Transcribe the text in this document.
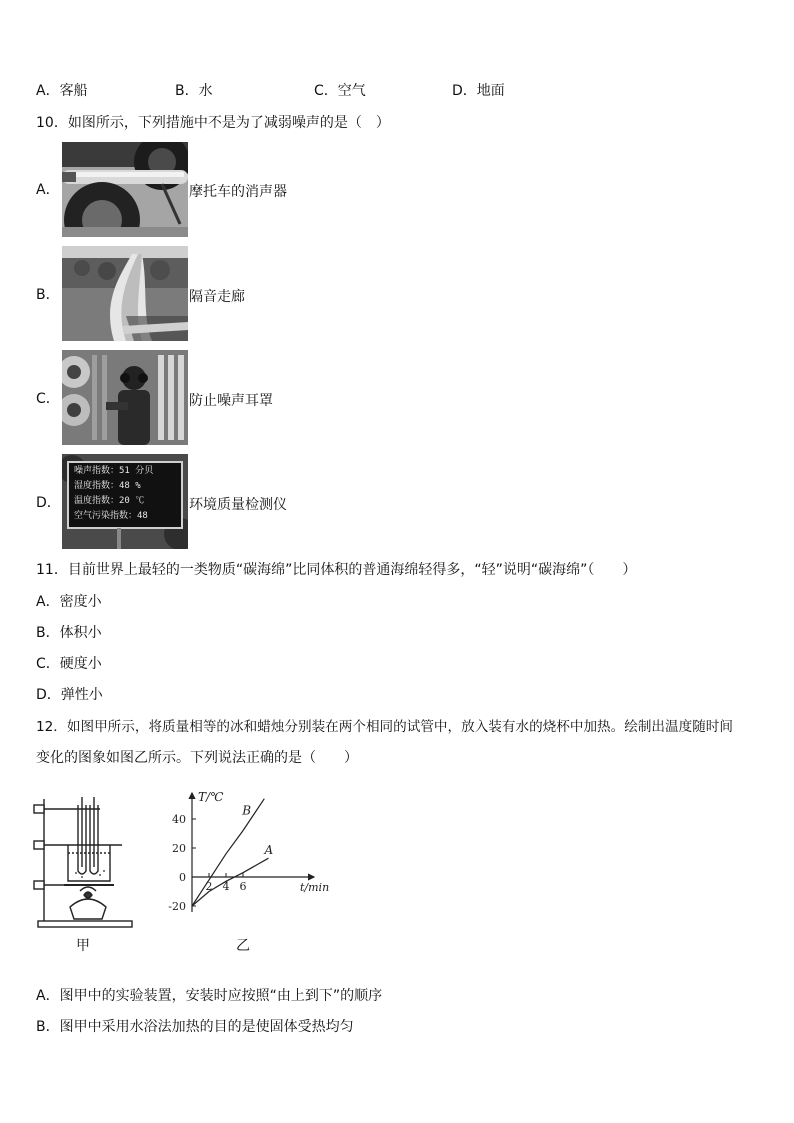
A．客船	B．水	C．空气	D．地面
10．如图所示，下列措施中不是为了减弱噪声的是（　）
A．	摩托车的消声器
B．	隔音走廊
C．	防止噪声耳罩
D．
噪声指数：51 分贝
湿度指数：48 %
温度指数：20 ℃
空气污染指数：48
环境质量检测仪
11．目前世界上最轻的一类物质“碳海绵”比同体积的普通海绵轻得多，“轻”说明“碳海绵”（　　）
A．密度小
B．体积小
C．硬度小
D．弹性小
12．如图甲所示，将质量相等的冰和蜡烛分别装在两个相同的试管中，放入装有水的烧杯中加热。绘制出温度随时间
变化的图象如图乙所示。下列说法正确的是（　　）
甲
40
20
0
-20
2 4 6
T/℃
t/min
B
A
乙
A．图甲中的实验装置，安装时应按照“由上到下”的顺序
B．图甲中采用水浴法加热的目的是使固体受热均匀
